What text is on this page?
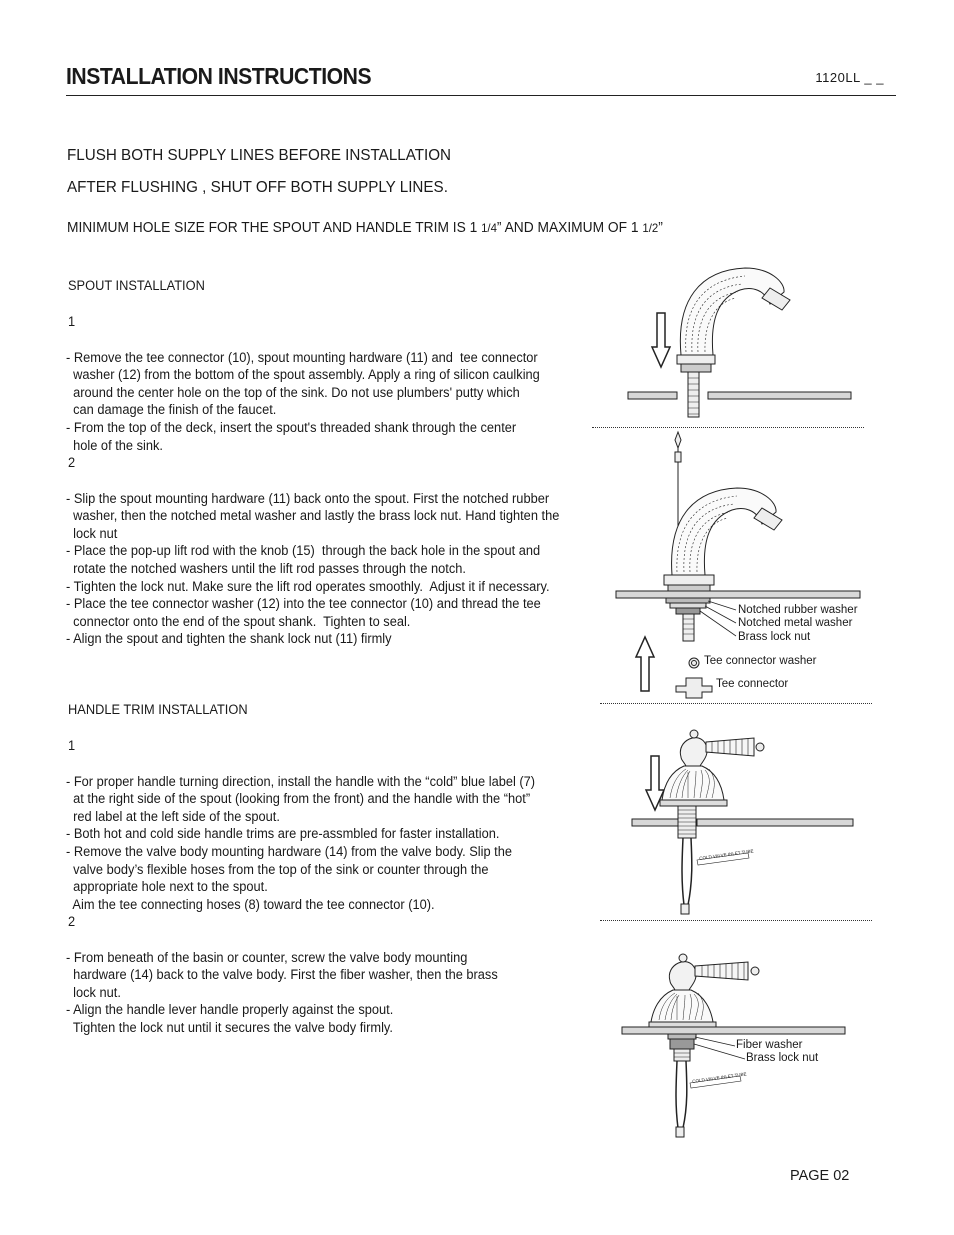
INSTALLATION INSTRUCTIONS	1120LL _ _
FLUSH BOTH SUPPLY LINES BEFORE INSTALLATION
AFTER FLUSHING , SHUT OFF BOTH SUPPLY LINES.
MINIMUM HOLE SIZE FOR THE SPOUT AND HANDLE TRIM IS 1 1/4” AND MAXIMUM OF 1 1/2”
SPOUT INSTALLATION
1

- Remove the tee connector (10), spout mounting hardware (11) and  tee connector
washer (12) from the bottom of the spout assembly. Apply a ring of silicon caulking
around the center hole on the top of the sink. Do not use plumbers' putty which
can damage the finish of the faucet.
- From the top of the deck, insert the spout's threaded shank through the center
hole of the sink.

2

- Slip the spout mounting hardware (11) back onto the spout. First the notched rubber
washer, then the notched metal washer and lastly the brass lock nut. Hand tighten the
lock nut
- Place the pop-up lift rod with the knob (15)  through the back hole in the spout and
rotate the notched washers until the lift rod passes through the notch.
- Tighten the lock nut. Make sure the lift rod operates smoothly.  Adjust it if necessary.
- Place the tee connector washer (12) into the tee connector (10) and thread the tee
connector onto the end of the spout shank.  Tighten to seal.
- Align the spout and tighten the shank lock nut (11) firmly

HANDLE TRIM INSTALLATION
1

- For proper handle turning direction, install the handle with the “cold” blue label (7)
at the right side of the spout (looking from the front) and the handle with the “hot”
red label at the left side of the spout.
- Both hot and cold side handle trims are pre-assmbled for faster installation.
- Remove the valve body mounting hardware (14) from the valve body. Slip the
valve body’s flexible hoses from the top of the sink or counter through the
appropriate hole next to the spout.
Aim the tee connecting hoses (8) toward the tee connector (10).

2

- From beneath of the basin or counter, screw the valve body mounting
hardware (14) back to the valve body. First the fiber washer, then the brass
lock nut.
- Align the handle lever handle properly against the spout.
Tighten the lock nut until it secures the valve body firmly.

Notched rubber washer
Notched metal washer
Brass lock nut
Tee connector washer
Tee connector
COLD VALVE INLET TUBE
COLD VALVE INLET TUBE
Fiber washer
Brass lock nut
PAGE 02
